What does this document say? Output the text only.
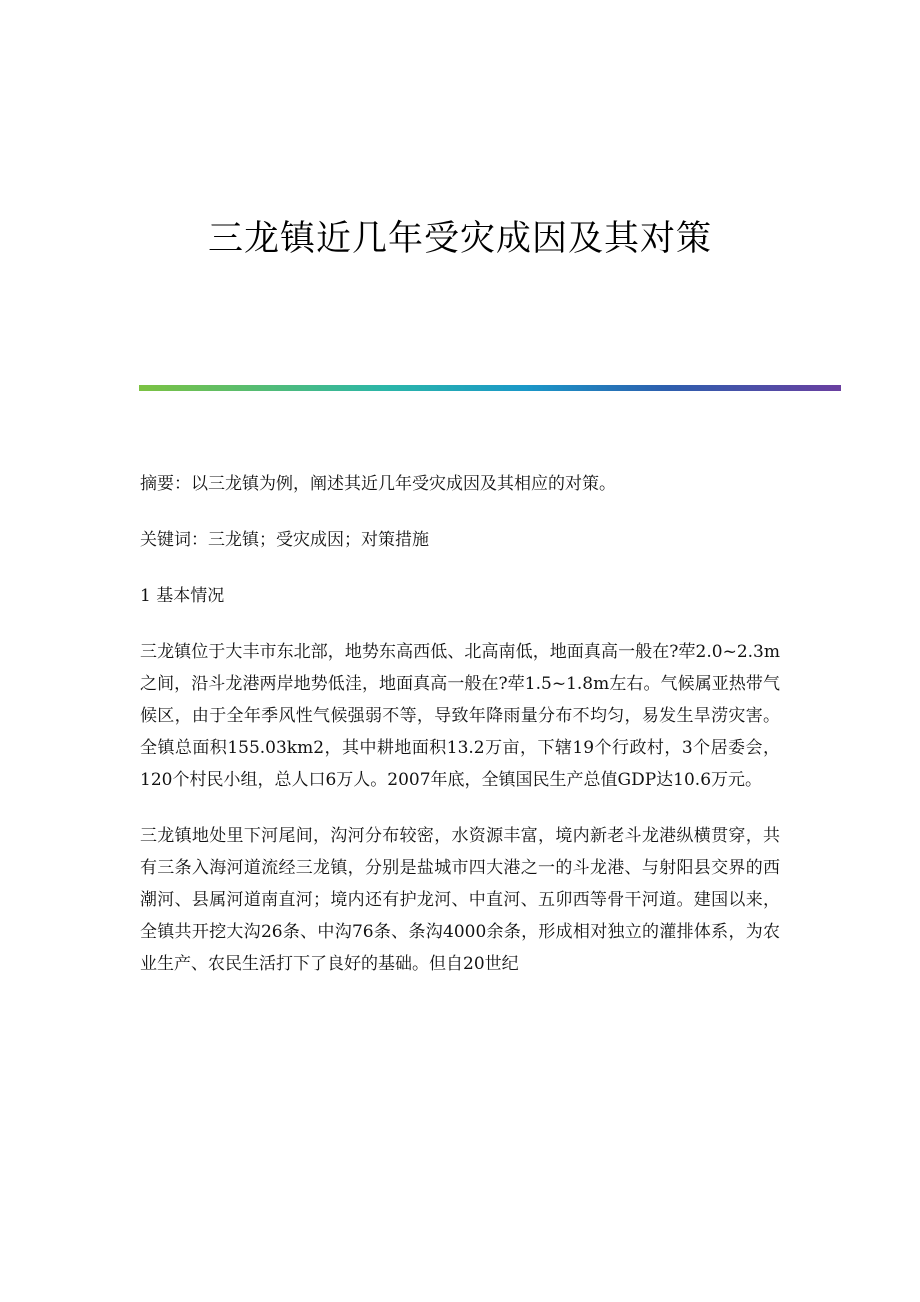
三龙镇近几年受灾成因及其对策

摘要：以三龙镇为例，阐述其近几年受灾成因及其相应的对策。

关键词：三龙镇；受灾成因；对策措施

1 基本情况

三龙镇位于大丰市东北部，地势东高西低、北高南低，地面真高一般在?荦2.0~2.3m之间，沿斗龙港两岸地势低洼，地面真高一般在?荦1.5~1.8m左右。气候属亚热带气候区，由于全年季风性气候强弱不等，导致年降雨量分布不均匀，易发生旱涝灾害。全镇总面积155.03km2，其中耕地面积13.2万亩，下辖19个行政村，3个居委会，120个村民小组，总人口6万人。2007年底，全镇国民生产总值GDP达10.6万元。

三龙镇地处里下河尾间，沟河分布较密，水资源丰富，境内新老斗龙港纵横贯穿，共有三条入海河道流经三龙镇，分别是盐城市四大港之一的斗龙港、与射阳县交界的西潮河、县属河道南直河；境内还有护龙河、中直河、五卯西等骨干河道。建国以来，全镇共开挖大沟26条、中沟76条、条沟4000余条，形成相对独立的灌排体系，为农业生产、农民生活打下了良好的基础。但自20世纪
